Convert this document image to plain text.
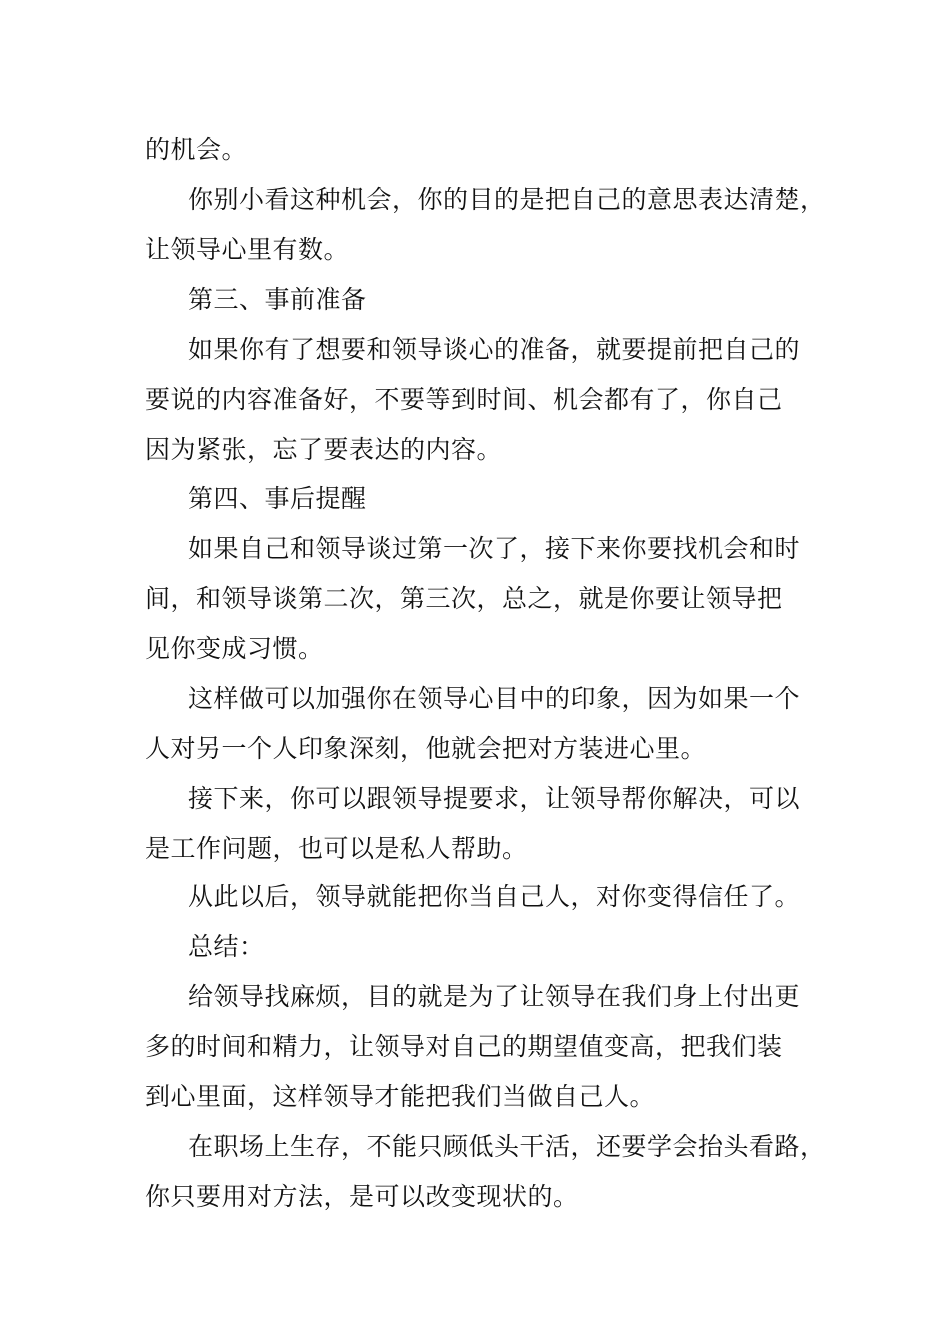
的机会。
你别小看这种机会，你的目的是把自己的意思表达清楚，
让领导心里有数。
第三、事前准备
如果你有了想要和领导谈心的准备，就要提前把自己的
要说的内容准备好，不要等到时间、机会都有了，你自己
因为紧张，忘了要表达的内容。
第四、事后提醒
如果自己和领导谈过第一次了，接下来你要找机会和时
间，和领导谈第二次，第三次，总之，就是你要让领导把
见你变成习惯。
这样做可以加强你在领导心目中的印象，因为如果一个
人对另一个人印象深刻，他就会把对方装进心里。
接下来，你可以跟领导提要求，让领导帮你解决，可以
是工作问题，也可以是私人帮助。
从此以后，领导就能把你当自己人，对你变得信任了。
总结：
给领导找麻烦，目的就是为了让领导在我们身上付出更
多的时间和精力，让领导对自己的期望值变高，把我们装
到心里面，这样领导才能把我们当做自己人。
在职场上生存，不能只顾低头干活，还要学会抬头看路，
你只要用对方法，是可以改变现状的。
